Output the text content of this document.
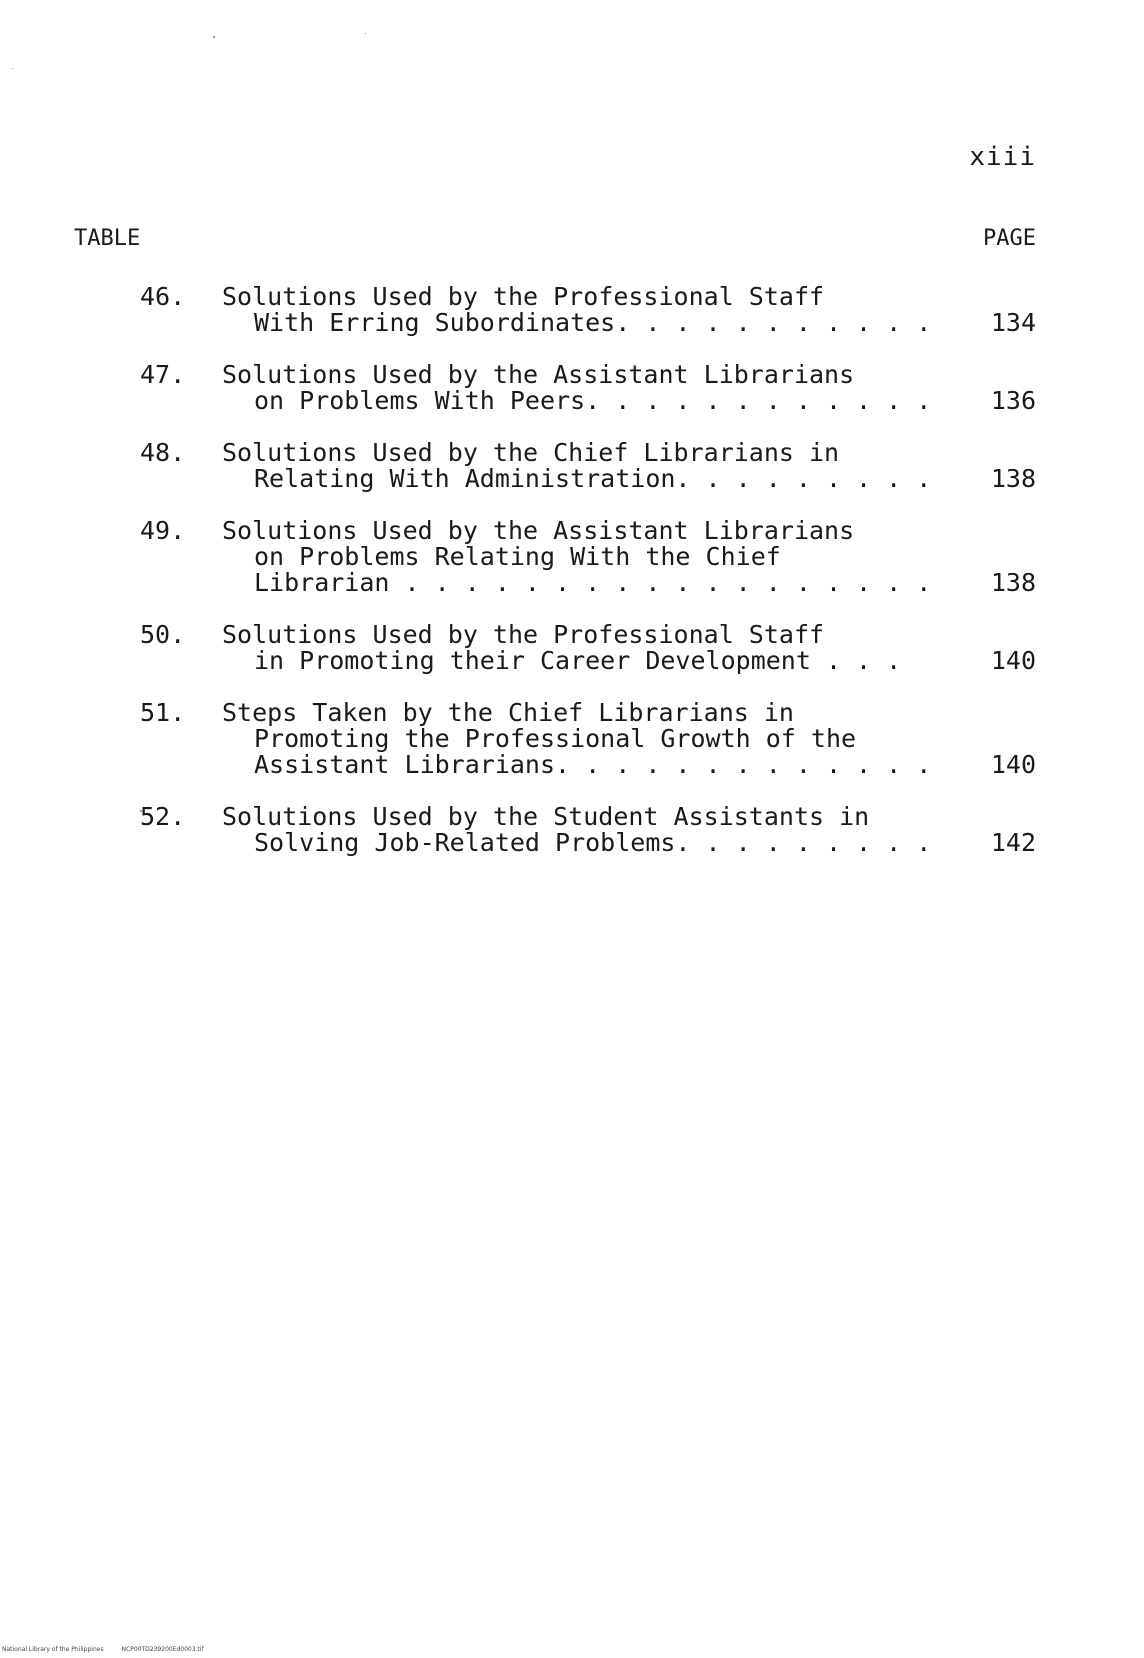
xiii
TABLE	PAGE
46. Solutions Used by the Professional Staff
With Erring Subordinates. . . . . . . . . . .	134
47. Solutions Used by the Assistant Librarians
on Problems With Peers. . . . . . . . . . . .	136
48. Solutions Used by the Chief Librarians in
Relating With Administration. . . . . . . . .	138
49. Solutions Used by the Assistant Librarians
on Problems Relating With the Chief
Librarian . . . . . . . . . . . . . . . . . .	138
50. Solutions Used by the Professional Staff
in Promoting their Career Development . . .	140
51. Steps Taken by the Chief Librarians in
Promoting the Professional Growth of the
Assistant Librarians. . . . . . . . . . . . .	140
52. Solutions Used by the Student Assistants in
Solving Job-Related Problems. . . . . . . . .	142
National Library of the Philippines	NCP00TD239200Ed0003.tif
